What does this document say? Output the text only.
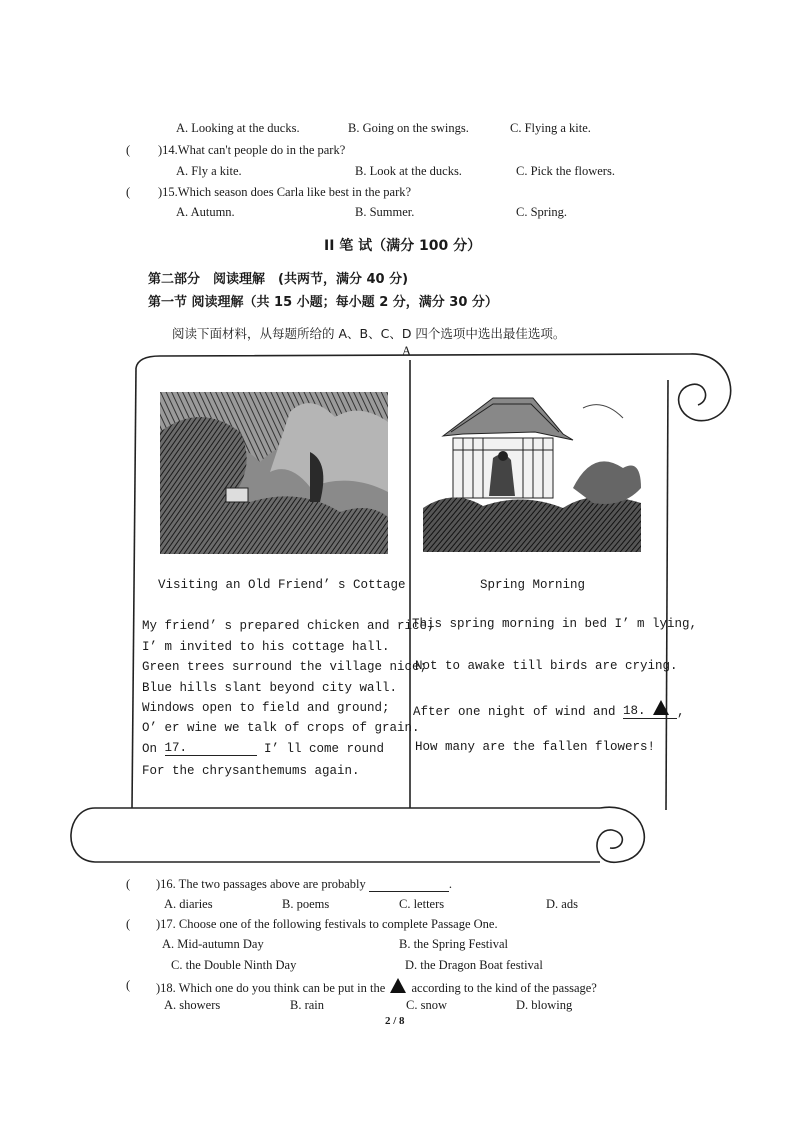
A. Looking at the ducks.	B. Going on the swings.	C. Flying a kite.
( )14.What can't people do in the park?
A. Fly a kite.	B. Look at the ducks.	C. Pick the flowers.
( )15.Which season does Carla like best in the park?
A. Autumn.	B. Summer.	C. Spring.
II 笔 试（满分 100 分）
第二部分　阅读理解　(共两节，满分 40 分)
第一节 阅读理解（共 15 小题；每小题 2 分，满分 30 分）
阅读下面材料，从每题所给的 A、B、C、D 四个选项中选出最佳选项。
A
Visiting an Old Friend’ s Cottage
My friend’ s prepared chicken and rice;
I’ m invited to his cottage hall.
Green trees surround the village nice;
Blue hills slant beyond city wall.
Windows open to field and ground;
O’ er wine we talk of crops of grain.
On 17.	I’ ll come round
For the chrysanthemums again.
Spring Morning
This spring morning in bed I’ m lying,
Not to awake till birds are crying.
After one night of wind and 18.	,
How many are the fallen flowers!
( )16. The two passages above are probably	.
A. diaries	B. poems	C. letters	D. ads
( )17. Choose one of the following festivals to complete Passage One.
A. Mid-autumn Day	B. the Spring Festival
C. the Double Ninth Day	D. the Dragon Boat festival
( )18. Which one do you think can be put in the  according to the kind of the passage?
A. showers	B. rain	C. snow	D. blowing
2 / 8
